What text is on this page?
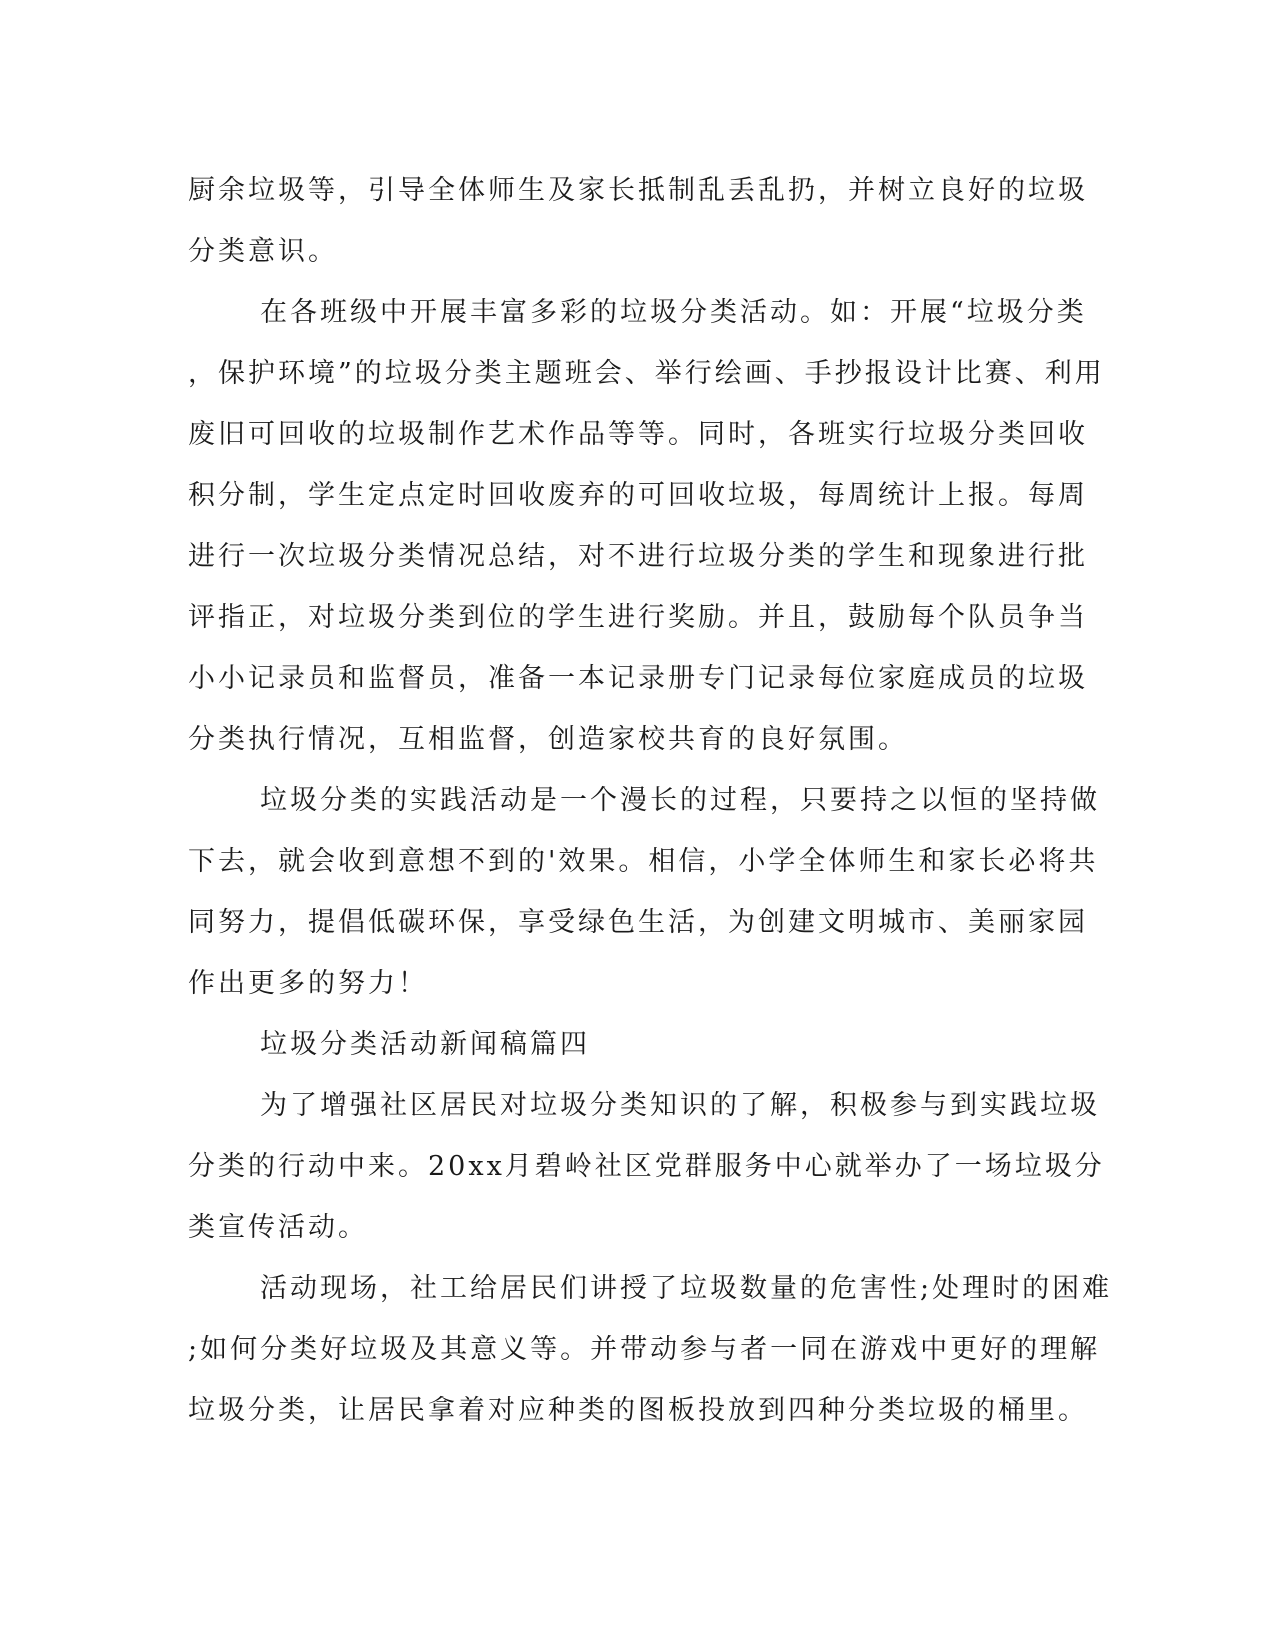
厨余垃圾等，引导全体师生及家长抵制乱丢乱扔，并树立良好的垃圾
分类意识。
在各班级中开展丰富多彩的垃圾分类活动。如：开展“垃圾分类
，保护环境”的垃圾分类主题班会、举行绘画、手抄报设计比赛、利用
废旧可回收的垃圾制作艺术作品等等。同时，各班实行垃圾分类回收
积分制，学生定点定时回收废弃的可回收垃圾，每周统计上报。每周
进行一次垃圾分类情况总结，对不进行垃圾分类的学生和现象进行批
评指正，对垃圾分类到位的学生进行奖励。并且，鼓励每个队员争当
小小记录员和监督员，准备一本记录册专门记录每位家庭成员的垃圾
分类执行情况，互相监督，创造家校共育的良好氛围。
垃圾分类的实践活动是一个漫长的过程，只要持之以恒的坚持做
下去，就会收到意想不到的'效果。相信，小学全体师生和家长必将共
同努力，提倡低碳环保，享受绿色生活，为创建文明城市、美丽家园
作出更多的努力！
垃圾分类活动新闻稿篇四
为了增强社区居民对垃圾分类知识的了解，积极参与到实践垃圾
分类的行动中来。20xx月碧岭社区党群服务中心就举办了一场垃圾分
类宣传活动。
活动现场，社工给居民们讲授了垃圾数量的危害性;处理时的困难
;如何分类好垃圾及其意义等。并带动参与者一同在游戏中更好的理解
垃圾分类，让居民拿着对应种类的图板投放到四种分类垃圾的桶里。
